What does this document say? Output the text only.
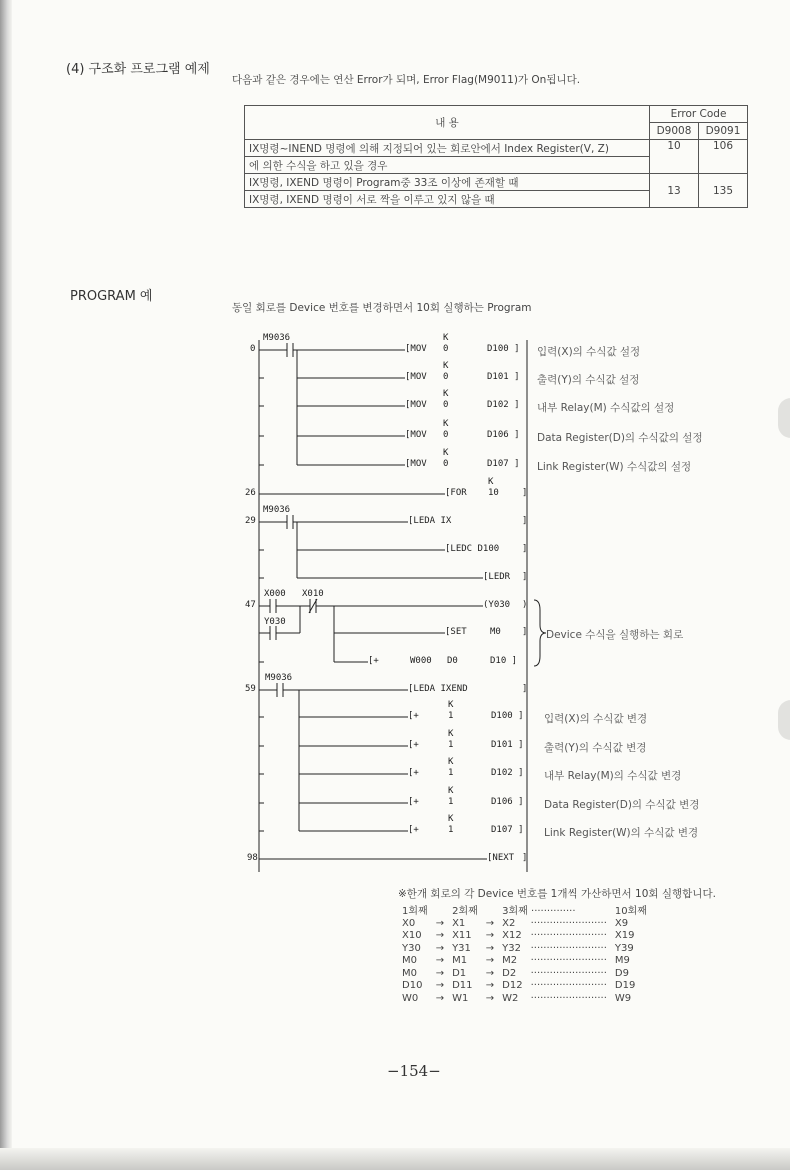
(4) 구조화 프로그램 예제
다음과 같은 경우에는 연산 Error가 되며, Error Flag(M9011)가 On됩니다.
내 용	Error Code	
	D9008	D9091
IX명령~INEND 명령에 의해 지정되어 있는 회로안에서 Index Register(V, Z)	10	106
에 의한 수식을 하고 있을 경우		
IX명령, IXEND 명령이 Program중 33조 이상에 존재할 때	13	135
IX명령, IXEND 명령이 서로 짝을 이루고 있지 않을 때		
PROGRAM 예
동일 회로를 Device 번호를 변경하면서 10회 실행하는 Program
0
26
29
47
59
98
M9036
M9036
X000 X010
Y030
M9036
K
[MOV 0	D100 ]
K
[MOV 0	D101 ]
K
[MOV 0	D102 ]
K
[MOV 0	D106 ]
K
[MOV 0	D107 ]
K
[FOR 10	]
[LEDA IX	]
[LEDC D100	]
[LEDR ]
(Y030 )
[SET	M0 ]
[+	W000 D0	D10 ]
[LEDA IXEND	]
K
[+	1	D100 ]
K
[+	1	D101 ]
K
[+	1	D102 ]
K
[+	1	D106 ]
K
[+	1	D107 ]
[NEXT ]
입력(X)의 수식값 설정
출력(Y)의 수식값 설정
내부 Relay(M) 수식값의 설정
Data Register(D)의 수식값의 설정
Link Register(W) 수식값의 설정
Device 수식을 실행하는 회로
입력(X)의 수식값 변경
출력(Y)의 수식값 변경
내부 Relay(M)의 수식값 변경
Data Register(D)의 수식값 변경
Link Register(W)의 수식값 변경
※한개 회로의 각 Device 번호를 1개씩 가산하면서 10회 실행합니다.
1회째		2회째		3회째 ··············		10회째
X0	→	X1	→	X2	························	X9
X10	→	X11	→	X12	························	X19
Y30	→	Y31	→	Y32	························	Y39
M0	→	M1	→	M2	························	M9
M0	→	D1	→	D2	························	D9
D10	→	D11	→	D12	························	D19
W0	→	W1	→	W2	························	W9
−154−
